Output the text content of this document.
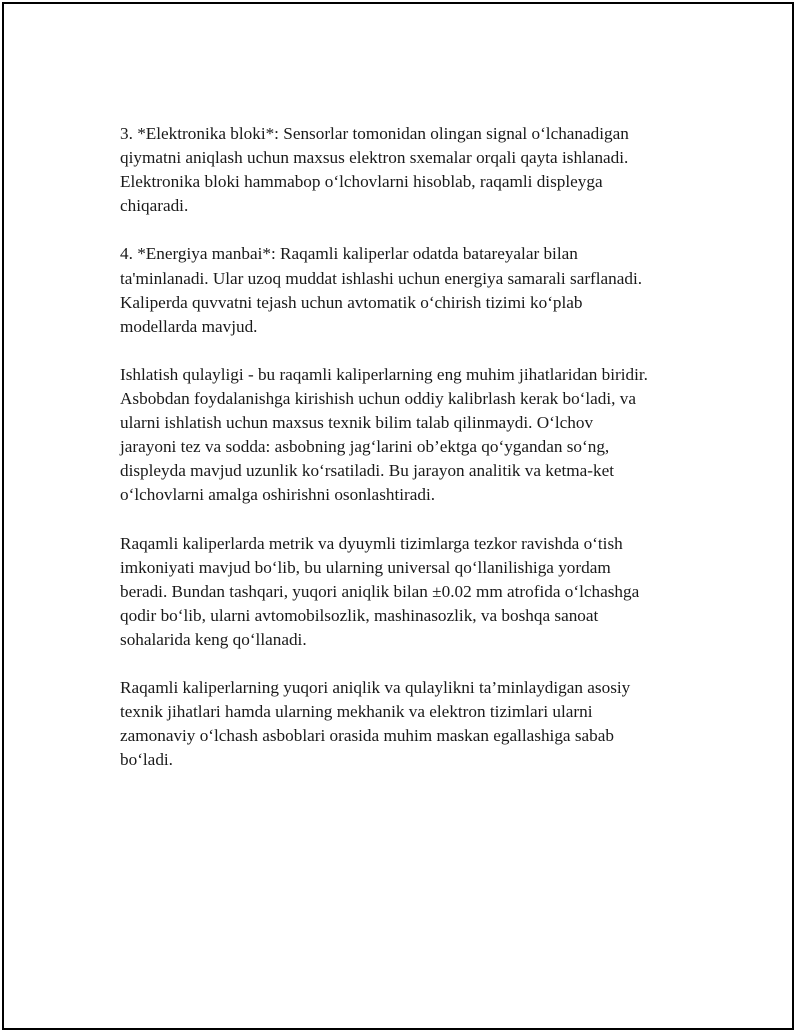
3. *Elektronika bloki*: Sensorlar tomonidan olingan signal o‘lchanadigan
qiymatni aniqlash uchun maxsus elektron sxemalar orqali qayta ishlanadi.
Elektronika bloki hammabop o‘lchovlarni hisoblab, raqamli displeyga
chiqaradi.

4. *Energiya manbai*: Raqamli kaliperlar odatda batareyalar bilan
ta'minlanadi. Ular uzoq muddat ishlashi uchun energiya samarali sarflanadi.
Kaliperda quvvatni tejash uchun avtomatik o‘chirish tizimi ko‘plab
modellarda mavjud.

Ishlatish qulayligi - bu raqamli kaliperlarning eng muhim jihatlaridan biridir.
Asbobdan foydalanishga kirishish uchun oddiy kalibrlash kerak bo‘ladi, va
ularni ishlatish uchun maxsus texnik bilim talab qilinmaydi. O‘lchov
jarayoni tez va sodda: asbobning jag‘larini ob’ektga qo‘ygandan so‘ng,
displeyda mavjud uzunlik ko‘rsatiladi. Bu jarayon analitik va ketma-ket
o‘lchovlarni amalga oshirishni osonlashtiradi.

Raqamli kaliperlarda metrik va dyuymli tizimlarga tezkor ravishda o‘tish
imkoniyati mavjud bo‘lib, bu ularning universal qo‘llanilishiga yordam
beradi. Bundan tashqari, yuqori aniqlik bilan ±0.02 mm atrofida o‘lchashga
qodir bo‘lib, ularni avtomobilsozlik, mashinasozlik, va boshqa sanoat
sohalarida keng qo‘llanadi.

Raqamli kaliperlarning yuqori aniqlik va qulaylikni ta’minlaydigan asosiy
texnik jihatlari hamda ularning mekhanik va elektron tizimlari ularni
zamonaviy o‘lchash asboblari orasida muhim maskan egallashiga sabab
bo‘ladi.
